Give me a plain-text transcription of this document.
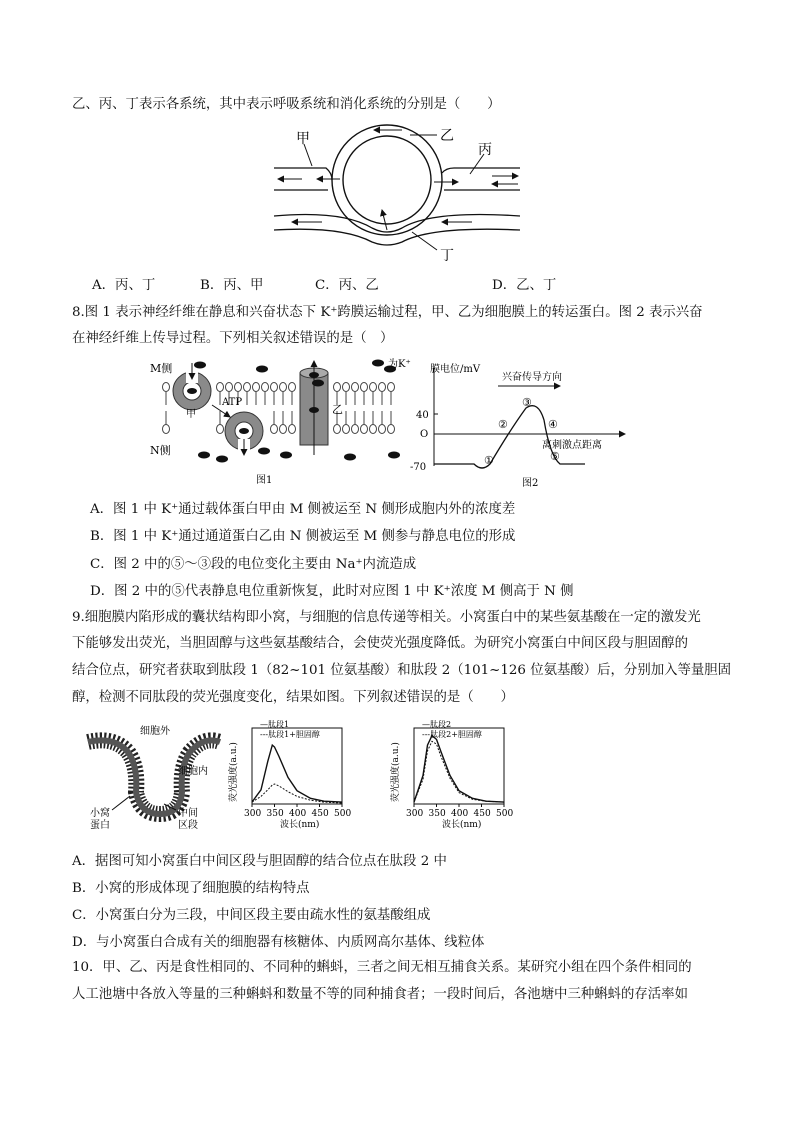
乙、丙、丁表示各系统，其中表示呼吸系统和消化系统的分别是（　　）
乙
甲
丙
丁
A．丙、丁	B．丙、甲	C．丙、乙	D．乙、丁
8.图 1 表示神经纤维在静息和兴奋状态下 K⁺跨膜运输过程，甲、乙为细胞膜上的转运蛋白。图 2 表示兴奋
在神经纤维上传导过程。下列相关叙述错误的是（　）
M侧
N侧
ATP
甲	乙
为K⁺
图1
膜电位/mV
兴奋传导方向
离刺激点距离
40
O
-70
①
②
③
④
⑤
图2
A．图 1 中 K⁺通过载体蛋白甲由 M 侧被运至 N 侧形成胞内外的浓度差
B．图 1 中 K⁺通过通道蛋白乙由 N 侧被运至 M 侧参与静息电位的形成
C．图 2 中的⑤～③段的电位变化主要由 Na⁺内流造成
D．图 2 中的⑤代表静息电位重新恢复，此时对应图 1 中 K⁺浓度 M 侧高于 N 侧
9.细胞膜内陷形成的囊状结构即小窝，与细胞的信息传递等相关。小窝蛋白中的某些氨基酸在一定的激发光
下能够发出荧光，当胆固醇与这些氨基酸结合，会使荧光强度降低。为研究小窝蛋白中间区段与胆固醇的
结合位点，研究者获取到肽段 1（82~101 位氨基酸）和肽段 2（101~126 位氨基酸）后，分别加入等量胆固
醇，检测不同肽段的荧光强度变化，结果如图。下列叙述错误的是（　　）
细胞外
细胞内
小窝
蛋白
中间
区段
300 350 400 450 500
波长(nm)
荧光强度(a.u.)
—肽段1
---肽段1+胆固醇
300 350 400 450 500
波长(nm)
荧光强度(a.u.)
—肽段2
---肽段2+胆固醇
A．据图可知小窝蛋白中间区段与胆固醇的结合位点在肽段 2 中
B．小窝的形成体现了细胞膜的结构特点
C．小窝蛋白分为三段，中间区段主要由疏水性的氨基酸组成
D．与小窝蛋白合成有关的细胞器有核糖体、内质网高尔基体、线粒体
10．甲、乙、丙是食性相同的、不同种的蝌蚪，三者之间无相互捕食关系。某研究小组在四个条件相同的
人工池塘中各放入等量的三种蝌蚪和数量不等的同种捕食者；一段时间后，各池塘中三种蝌蚪的存活率如
